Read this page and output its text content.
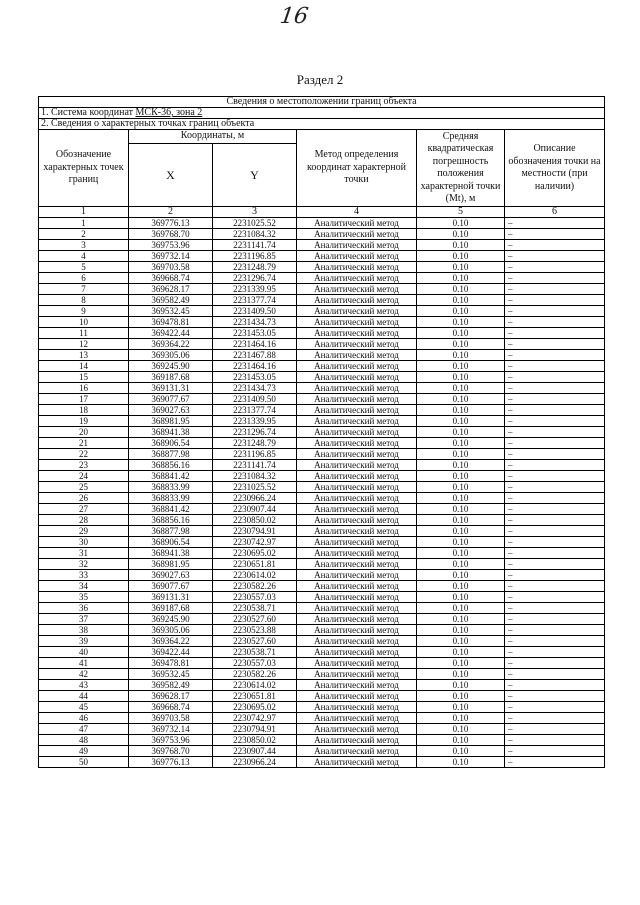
16
Раздел 2
Сведения о местоположении границ объекта					
1. Система координат МСК-36, зона 2					
2. Сведения о характерных точках границ объекта					
Обозначение характерных точек границ	Координаты, м		Метод определения координат характерной точки	Средняя квадратическая погрешность положения характерной точки (Mt), м	Описание обозначения точки на местности (при наличии)
	X	Y			
1	2	3	4	5	6
1	369776.13	2231025.52	Аналитический метод	0.10	–
2	369768.70	2231084.32	Аналитический метод	0.10	–
3	369753.96	2231141.74	Аналитический метод	0.10	–
4	369732.14	2231196.85	Аналитический метод	0.10	–
5	369703.58	2231248.79	Аналитический метод	0.10	–
6	369668.74	2231296.74	Аналитический метод	0.10	–
7	369628.17	2231339.95	Аналитический метод	0.10	–
8	369582.49	2231377.74	Аналитический метод	0.10	–
9	369532.45	2231409.50	Аналитический метод	0.10	–
10	369478.81	2231434.73	Аналитический метод	0.10	–
11	369422.44	2231453.05	Аналитический метод	0.10	–
12	369364.22	2231464.16	Аналитический метод	0.10	–
13	369305.06	2231467.88	Аналитический метод	0.10	–
14	369245.90	2231464.16	Аналитический метод	0.10	–
15	369187.68	2231453.05	Аналитический метод	0.10	–
16	369131.31	2231434.73	Аналитический метод	0.10	–
17	369077.67	2231409.50	Аналитический метод	0.10	–
18	369027.63	2231377.74	Аналитический метод	0.10	–
19	368981.95	2231339.95	Аналитический метод	0.10	–
20	368941.38	2231296.74	Аналитический метод	0.10	–
21	368906.54	2231248.79	Аналитический метод	0.10	–
22	368877.98	2231196.85	Аналитический метод	0.10	–
23	368856.16	2231141.74	Аналитический метод	0.10	–
24	368841.42	2231084.32	Аналитический метод	0.10	–
25	368833.99	2231025.52	Аналитический метод	0.10	–
26	368833.99	2230966.24	Аналитический метод	0.10	–
27	368841.42	2230907.44	Аналитический метод	0.10	–
28	368856.16	2230850.02	Аналитический метод	0.10	–
29	368877.98	2230794.91	Аналитический метод	0.10	–
30	368906.54	2230742.97	Аналитический метод	0.10	–
31	368941.38	2230695.02	Аналитический метод	0.10	–
32	368981.95	2230651.81	Аналитический метод	0.10	–
33	369027.63	2230614.02	Аналитический метод	0.10	–
34	369077.67	2230582.26	Аналитический метод	0.10	–
35	369131.31	2230557.03	Аналитический метод	0.10	–
36	369187.68	2230538.71	Аналитический метод	0.10	–
37	369245.90	2230527.60	Аналитический метод	0.10	–
38	369305.06	2230523.88	Аналитический метод	0.10	–
39	369364.22	2230527.60	Аналитический метод	0.10	–
40	369422.44	2230538.71	Аналитический метод	0.10	–
41	369478.81	2230557.03	Аналитический метод	0.10	–
42	369532.45	2230582.26	Аналитический метод	0.10	–
43	369582.49	2230614.02	Аналитический метод	0.10	–
44	369628.17	2230651.81	Аналитический метод	0.10	–
45	369668.74	2230695.02	Аналитический метод	0.10	–
46	369703.58	2230742.97	Аналитический метод	0.10	–
47	369732.14	2230794.91	Аналитический метод	0.10	–
48	369753.96	2230850.02	Аналитический метод	0.10	–
49	369768.70	2230907.44	Аналитический метод	0.10	–
50	369776.13	2230966.24	Аналитический метод	0.10	–
